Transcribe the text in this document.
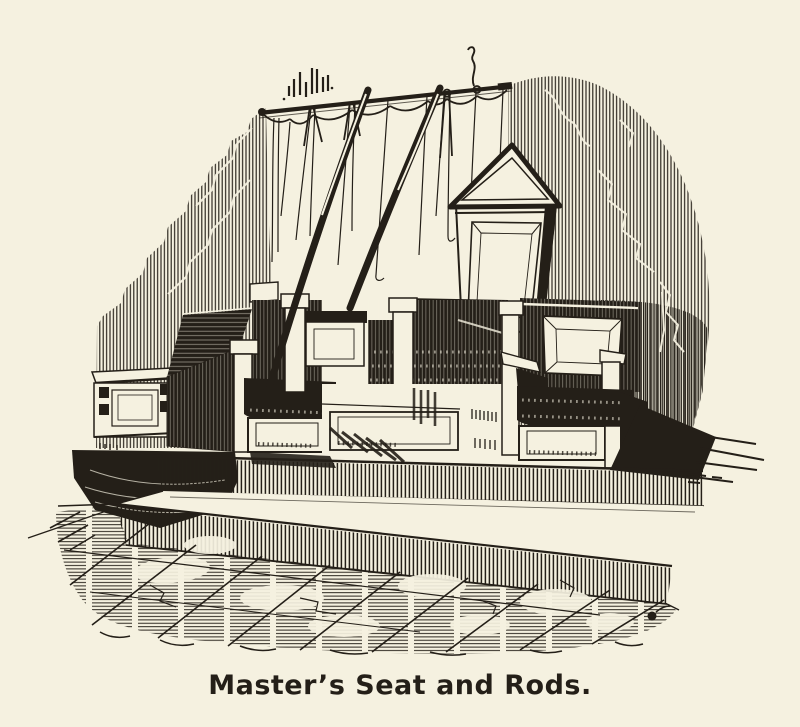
Master’s Seat and Rods.
